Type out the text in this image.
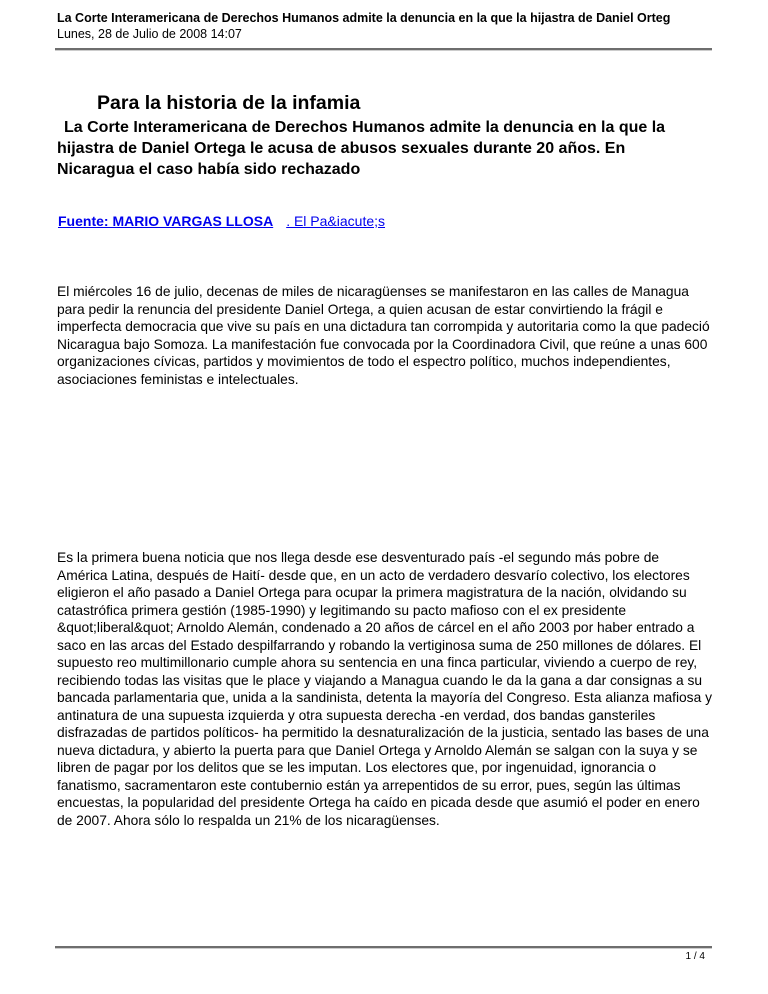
La Corte Interamericana de Derechos Humanos admite la denuncia en la que la hijastra de Daniel Orteg
Lunes, 28 de Julio de 2008 14:07
Para la historia de la infamia

La Corte Interamericana de Derechos Humanos admite la denuncia en la que la hijastra de Daniel Ortega le acusa de abusos sexuales durante 20 años. En Nicaragua el caso había sido rechazado

Fuente: MARIO VARGAS LLOSA . El Pa&iacute;s

El miércoles 16 de julio, decenas de miles de nicaragüenses se manifestaron en las calles de Managua para pedir la renuncia del presidente Daniel Ortega, a quien acusan de estar convirtiendo la frágil e imperfecta democracia que vive su país en una dictadura tan corrompida y autoritaria como la que padeció Nicaragua bajo Somoza. La manifestación fue convocada por la Coordinadora Civil, que reúne a unas 600 organizaciones cívicas, partidos y movimientos de todo el espectro político, muchos independientes, asociaciones feministas e intelectuales.

Es la primera buena noticia que nos llega desde ese desventurado país -el segundo más pobre de América Latina, después de Haití- desde que, en un acto de verdadero desvarío colectivo, los electores eligieron el año pasado a Daniel Ortega para ocupar la primera magistratura de la nación, olvidando su catastrófica primera gestión (1985-1990) y legitimando su pacto mafioso con el ex presidente &quot;liberal&quot; Arnoldo Alemán, condenado a 20 años de cárcel en el año 2003 por haber entrado a saco en las arcas del Estado despilfarrando y robando la vertiginosa suma de 250 millones de dólares. El supuesto reo multimillonario cumple ahora su sentencia en una finca particular, viviendo a cuerpo de rey, recibiendo todas las visitas que le place y viajando a Managua cuando le da la gana a dar consignas a su bancada parlamentaria que, unida a la sandinista, detenta la mayoría del Congreso. Esta alianza mafiosa y antinatura de una supuesta izquierda y otra supuesta derecha -en verdad, dos bandas gansteriles disfrazadas de partidos políticos- ha permitido la desnaturalización de la justicia, sentado las bases de una nueva dictadura, y abierto la puerta para que Daniel Ortega y Arnoldo Alemán se salgan con la suya y se libren de pagar por los delitos que se les imputan. Los electores que, por ingenuidad, ignorancia o fanatismo, sacramentaron este contubernio están ya arrepentidos de su error, pues, según las últimas encuestas, la popularidad del presidente Ortega ha caído en picada desde que asumió el poder en enero de 2007. Ahora sólo lo respalda un 21% de los nicaragüenses.

1 / 4
